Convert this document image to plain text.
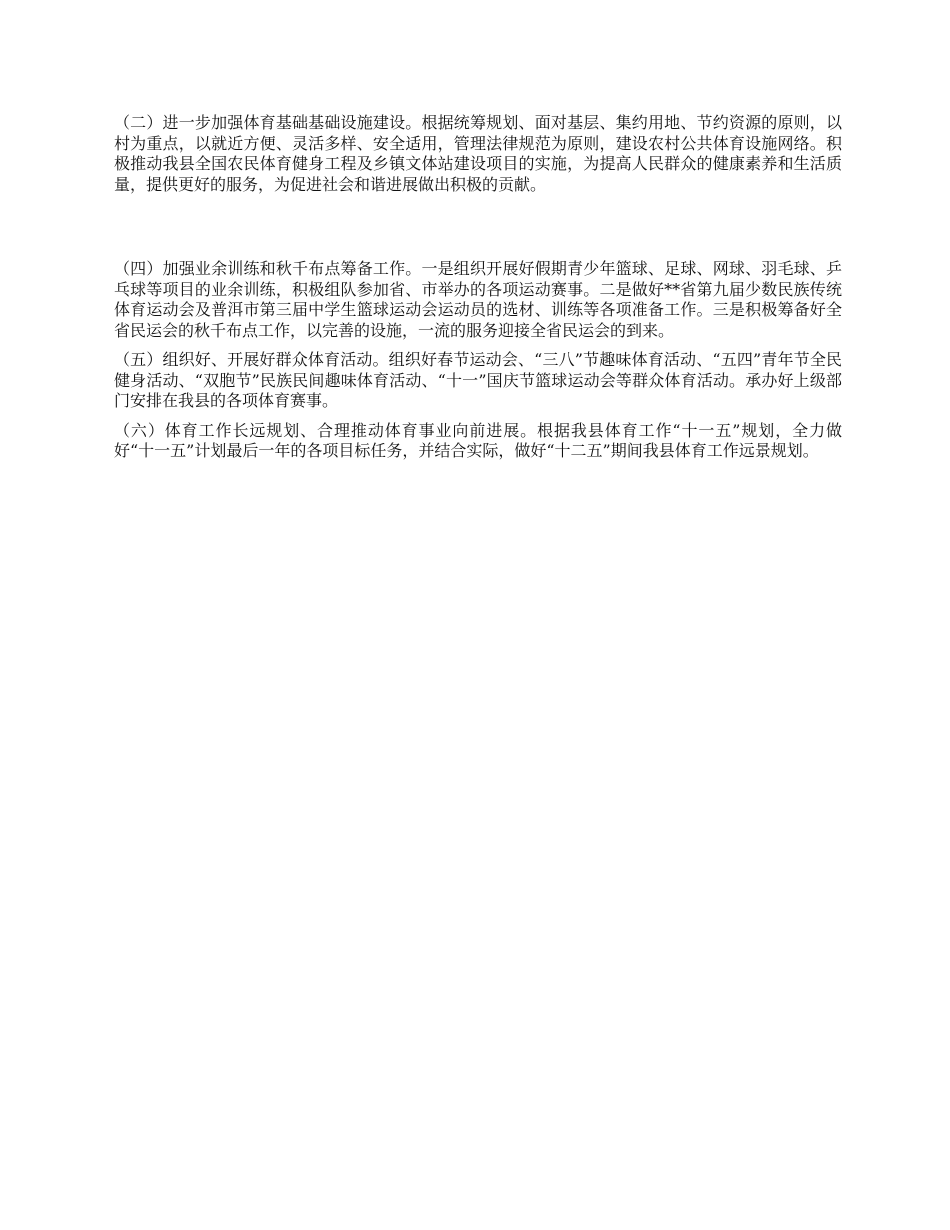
（二）进一步加强体育基础基础设施建设。根据统筹规划、面对基层、集约用地、节约资源的原则，以村为重点，以就近方便、灵活多样、安全适用，管理法律规范为原则，建设农村公共体育设施网络。积极推动我县全国农民体育健身工程及乡镇文体站建设项目的实施，为提高人民群众的健康素养和生活质量，提供更好的服务，为促进社会和谐进展做出积极的贡献。

（四）加强业余训练和秋千布点筹备工作。一是组织开展好假期青少年篮球、足球、网球、羽毛球、乒乓球等项目的业余训练，积极组队参加省、市举办的各项运动赛事。二是做好**省第九届少数民族传统体育运动会及普洱市第三届中学生篮球运动会运动员的选材、训练等各项准备工作。三是积极筹备好全省民运会的秋千布点工作，以完善的设施，一流的服务迎接全省民运会的到来。

（五）组织好、开展好群众体育活动。组织好春节运动会、“三八”节趣味体育活动、“五四”青年节全民健身活动、“双胞节”民族民间趣味体育活动、“十一”国庆节篮球运动会等群众体育活动。承办好上级部门安排在我县的各项体育赛事。

（六）体育工作长远规划、合理推动体育事业向前进展。根据我县体育工作“十一五”规划，全力做好“十一五”计划最后一年的各项目标任务，并结合实际，做好“十二五”期间我县体育工作远景规划。
